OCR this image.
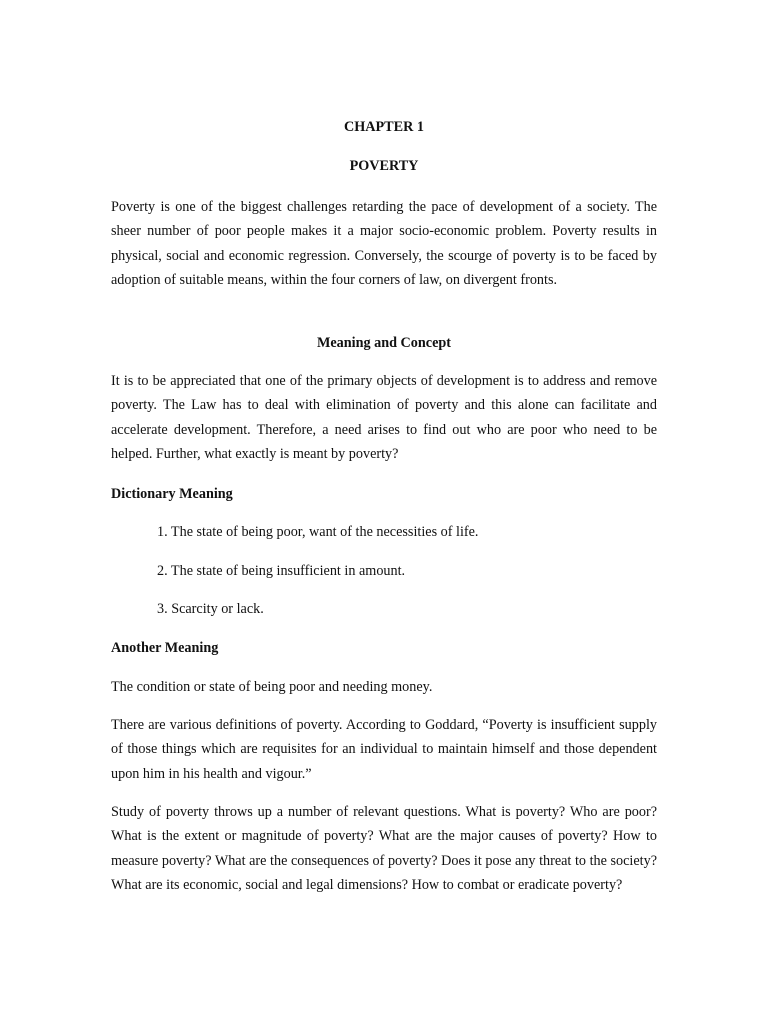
CHAPTER 1

POVERTY

Poverty is one of the biggest challenges retarding the pace of development of a society. The sheer number of poor people makes it a major socio-economic problem. Poverty results in physical, social and economic regression. Conversely, the scourge of poverty is to be faced by adoption of suitable means, within the four corners of law, on divergent fronts.

Meaning and Concept

It is to be appreciated that one of the primary objects of development is to address and remove poverty. The Law has to deal with elimination of poverty and this alone can facilitate and accelerate development. Therefore, a need arises to find out who are poor who need to be helped. Further, what exactly is meant by poverty?

Dictionary Meaning

1. The state of being poor, want of the necessities of life.

2. The state of being insufficient in amount.

3. Scarcity or lack.

Another Meaning

The condition or state of being poor and needing money.

There are various definitions of poverty. According to Goddard, “Poverty is insufficient supply of those things which are requisites for an individual to maintain himself and those dependent upon him in his health and vigour.”

Study of poverty throws up a number of relevant questions. What is poverty? Who are poor? What is the extent or magnitude of poverty? What are the major causes of poverty? How to measure poverty? What are the consequences of poverty? Does it pose any threat to the society? What are its economic, social and legal dimensions? How to combat or eradicate poverty?
